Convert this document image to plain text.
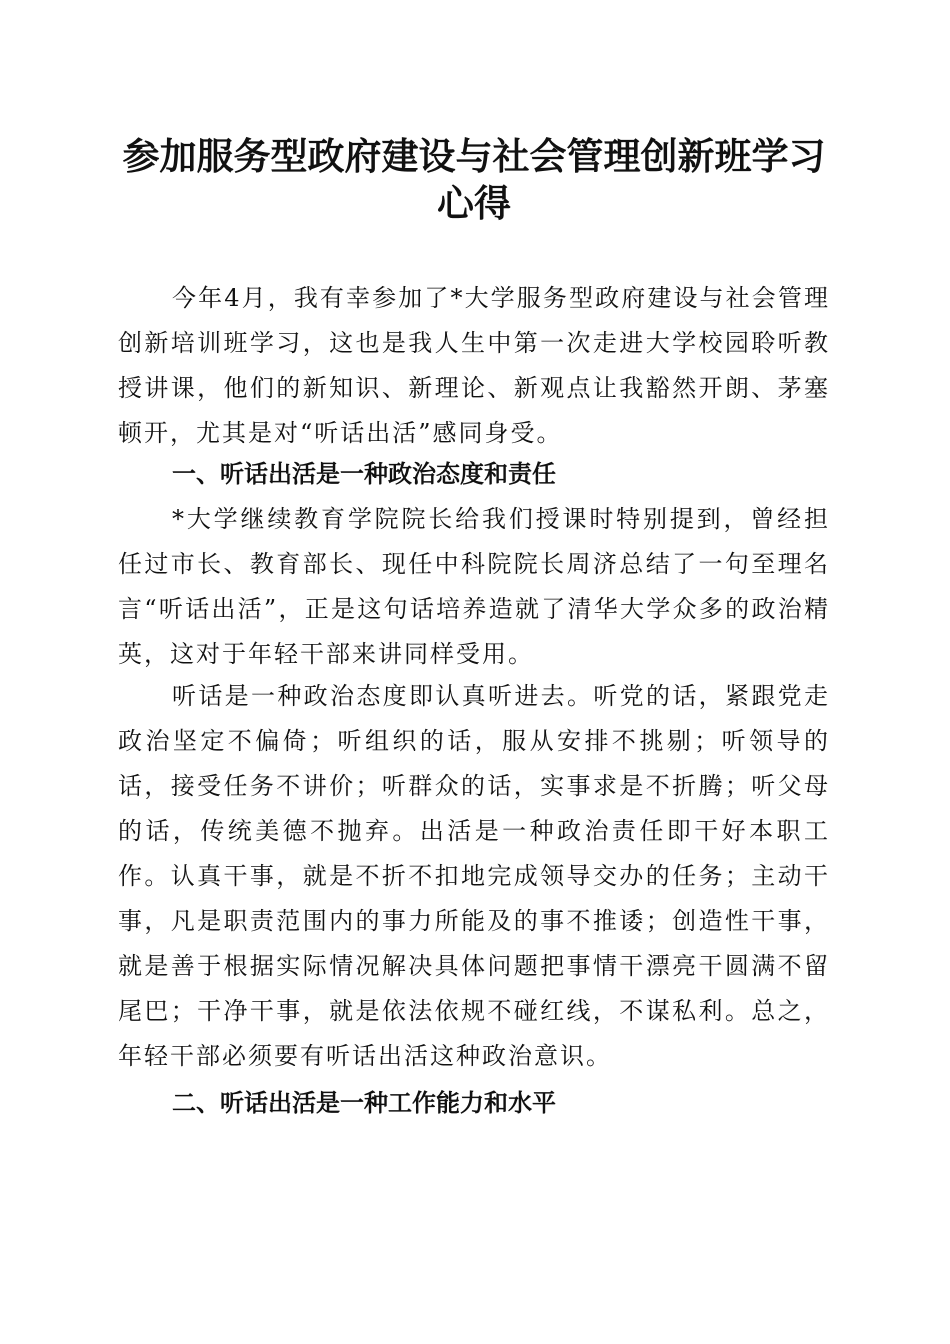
参加服务型政府建设与社会管理创新班学习心得

今年4月，我有幸参加了*大学服务型政府建设与社会管理创新培训班学习，这也是我人生中第一次走进大学校园聆听教授讲课，他们的新知识、新理论、新观点让我豁然开朗、茅塞顿开，尤其是对“听话出活”感同身受。

一、听话出活是一种政治态度和责任

*大学继续教育学院院长给我们授课时特别提到，曾经担任过市长、教育部长、现任中科院院长周济总结了一句至理名言“听话出活”，正是这句话培养造就了清华大学众多的政治精英，这对于年轻干部来讲同样受用。

听话是一种政治态度即认真听进去。听党的话，紧跟党走政治坚定不偏倚；听组织的话，服从安排不挑剔；听领导的话，接受任务不讲价；听群众的话，实事求是不折腾；听父母的话，传统美德不抛弃。出活是一种政治责任即干好本职工作。认真干事，就是不折不扣地完成领导交办的任务；主动干事，凡是职责范围内的事力所能及的事不推诿；创造性干事，就是善于根据实际情况解决具体问题把事情干漂亮干圆满不留尾巴；干净干事，就是依法依规不碰红线，不谋私利。总之，年轻干部必须要有听话出活这种政治意识。

二、听话出活是一种工作能力和水平
